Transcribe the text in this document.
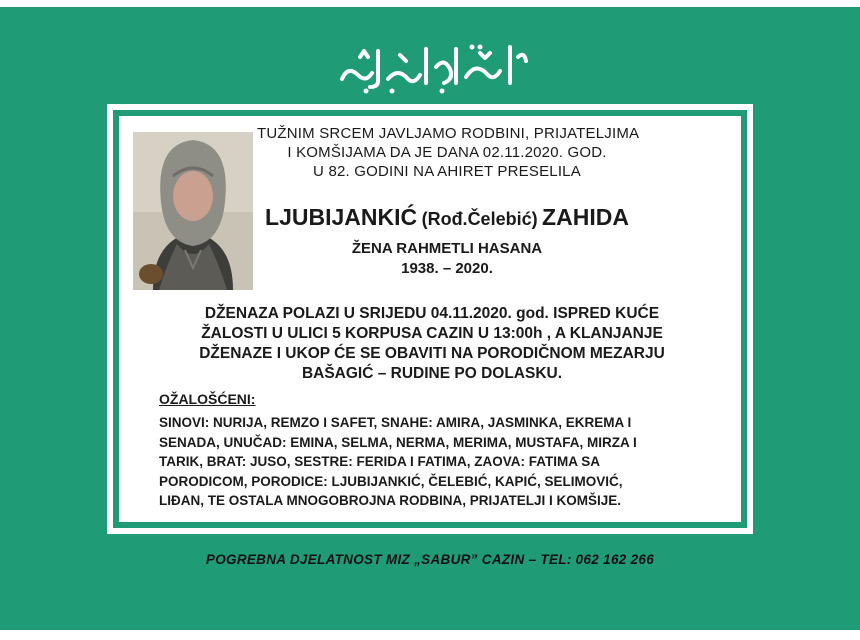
TUŽNIM SRCEM JAVLJAMO RODBINI, PRIJATELJIMA
I KOMŠIJAMA DA JE DANA 02.11.2020. GOD.
U 82. GODINI NA AHIRET PRESELILA
LJUBIJANKIĆ (Rođ.Čelebić) ZAHIDA
ŽENA RAHMETLI HASANA
1938. – 2020.
DŽENAZA POLAZI U SRIJEDU 04.11.2020. god. ISPRED KUĆE
ŽALOSTI U ULICI 5 KORPUSA CAZIN U 13:00h , A KLANJANJE
DŽENAZE I UKOP ĆE SE OBAVITI NA PORODIČNOM MEZARJU
BAŠAGIĆ – RUDINE PO DOLASKU.
OŽALOŠĆENI:
SINOVI: NURIJA, REMZO I SAFET, SNAHE: AMIRA, JASMINKA, EKREMA I
SENADA, UNUČAD: EMINA, SELMA, NERMA, MERIMA, MUSTAFA, MIRZA I
TARIK, BRAT: JUSO, SESTRE: FERIDA I FATIMA, ZAOVA: FATIMA SA
PORODICOM, PORODICE: LJUBIJANKIĆ, ČELEBIĆ, KAPIĆ, SELIMOVIĆ,
LIĐAN, TE OSTALA MNOGOBROJNA RODBINA, PRIJATELJI I KOMŠIJE.
POGREBNA DJELATNOST MIZ „SABUR” CAZIN – TEL: 062 162 266
